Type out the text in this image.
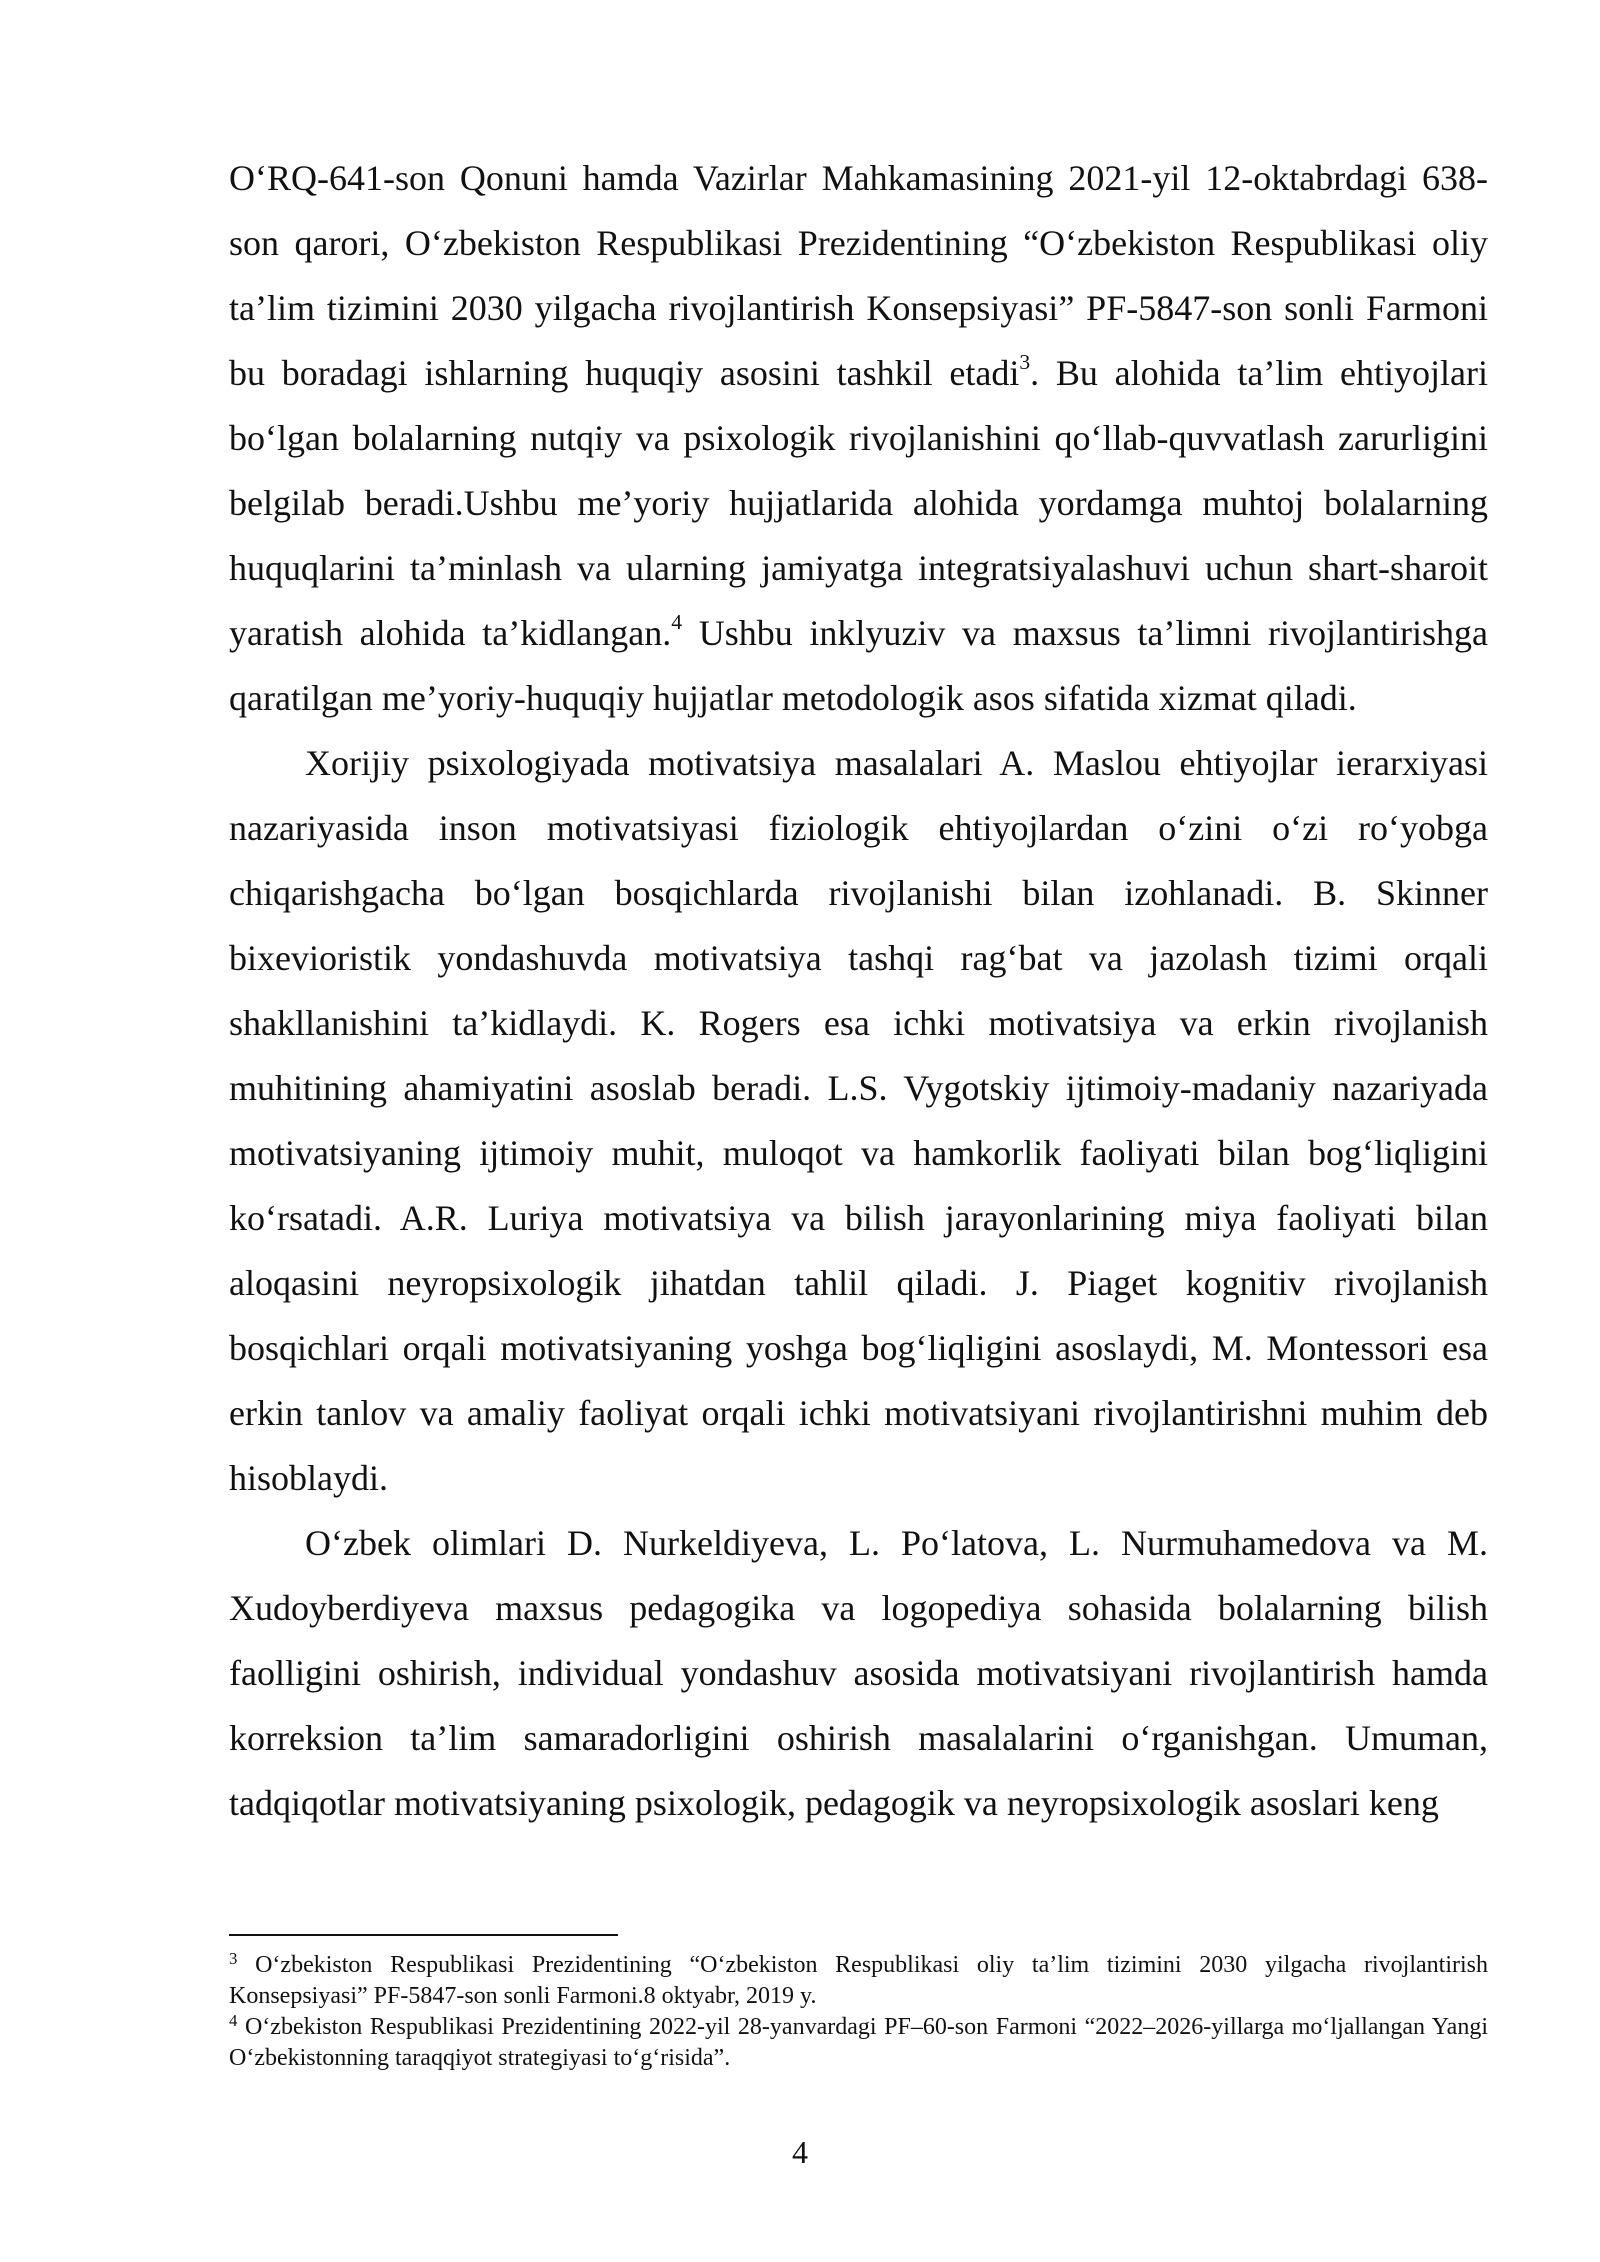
O‘RQ-641-son Qonuni hamda Vazirlar Mahkamasining 2021-yil 12-oktabrdagi 638-son qarori, O‘zbekiston Respublikasi Prezidentining “O‘zbekiston Respublikasi oliy ta’lim tizimini 2030 yilgacha rivojlantirish Konsepsiyasi” PF-5847-son sonli Farmoni bu boradagi ishlarning huquqiy asosini tashkil etadi$^3$. Bu alohida ta’lim ehtiyojlari bo‘lgan bolalarning nutqiy va psixologik rivojlanishini qo‘llab-quvvatlash zarurligini belgilab beradi.Ushbu me’yoriy hujjatlarida alohida yordamga muhtoj bolalarning huquqlarini ta’minlash va ularning jamiyatga integratsiyalashuvi uchun shart-sharoit yaratish alohida ta’kidlangan.$^4$ Ushbu inklyuziv va maxsus ta’limni rivojlantirishga qaratilgan me’yoriy-huquqiy hujjatlar metodologik asos sifatida xizmat qiladi.

Xorijiy psixologiyada motivatsiya masalalari A. Maslou ehtiyojlar ierarxiyasi nazariyasida inson motivatsiyasi fiziologik ehtiyojlardan o‘zini o‘zi ro‘yobga chiqarishgacha bo‘lgan bosqichlarda rivojlanishi bilan izohlanadi. B. Skinner bixevioristik yondashuvda motivatsiya tashqi rag‘bat va jazolash tizimi orqali shakllanishini ta’kidlaydi. K. Rogers esa ichki motivatsiya va erkin rivojlanish muhitining ahamiyatini asoslab beradi. L.S. Vygotskiy ijtimoiy-madaniy nazariyada motivatsiyaning ijtimoiy muhit, muloqot va hamkorlik faoliyati bilan bog‘liqligini ko‘rsatadi. A.R. Luriya motivatsiya va bilish jarayonlarining miya faoliyati bilan aloqasini neyropsixologik jihatdan tahlil qiladi. J. Piaget kognitiv rivojlanish bosqichlari orqali motivatsiyaning yoshga bog‘liqligini asoslaydi, M. Montessori esa erkin tanlov va amaliy faoliyat orqali ichki motivatsiyani rivojlantirishni muhim deb hisoblaydi.

O‘zbek olimlari D. Nurkeldiyeva, L. Po‘latova, L. Nurmuhamedova va M. Xudoyberdiyeva maxsus pedagogika va logopediya sohasida bolalarning bilish faolligini oshirish, individual yondashuv asosida motivatsiyani rivojlantirish hamda korreksion ta’lim samaradorligini oshirish masalalarini o‘rganishgan. Umuman, tadqiqotlar motivatsiyaning psixologik, pedagogik va neyropsixologik asoslari keng

$^3$ O‘zbekiston Respublikasi Prezidentining “O‘zbekiston Respublikasi oliy ta’lim tizimini 2030 yilgacha rivojlantirish Konsepsiyasi” PF-5847-son sonli Farmoni.8 oktyabr, 2019 y.

$^4$ O‘zbekiston Respublikasi Prezidentining 2022-yil 28-yanvardagi PF–60-son Farmoni “2022–2026-yillarga mo‘ljallangan Yangi O‘zbekistonning taraqqiyot strategiyasi to‘g‘risida”.

4
